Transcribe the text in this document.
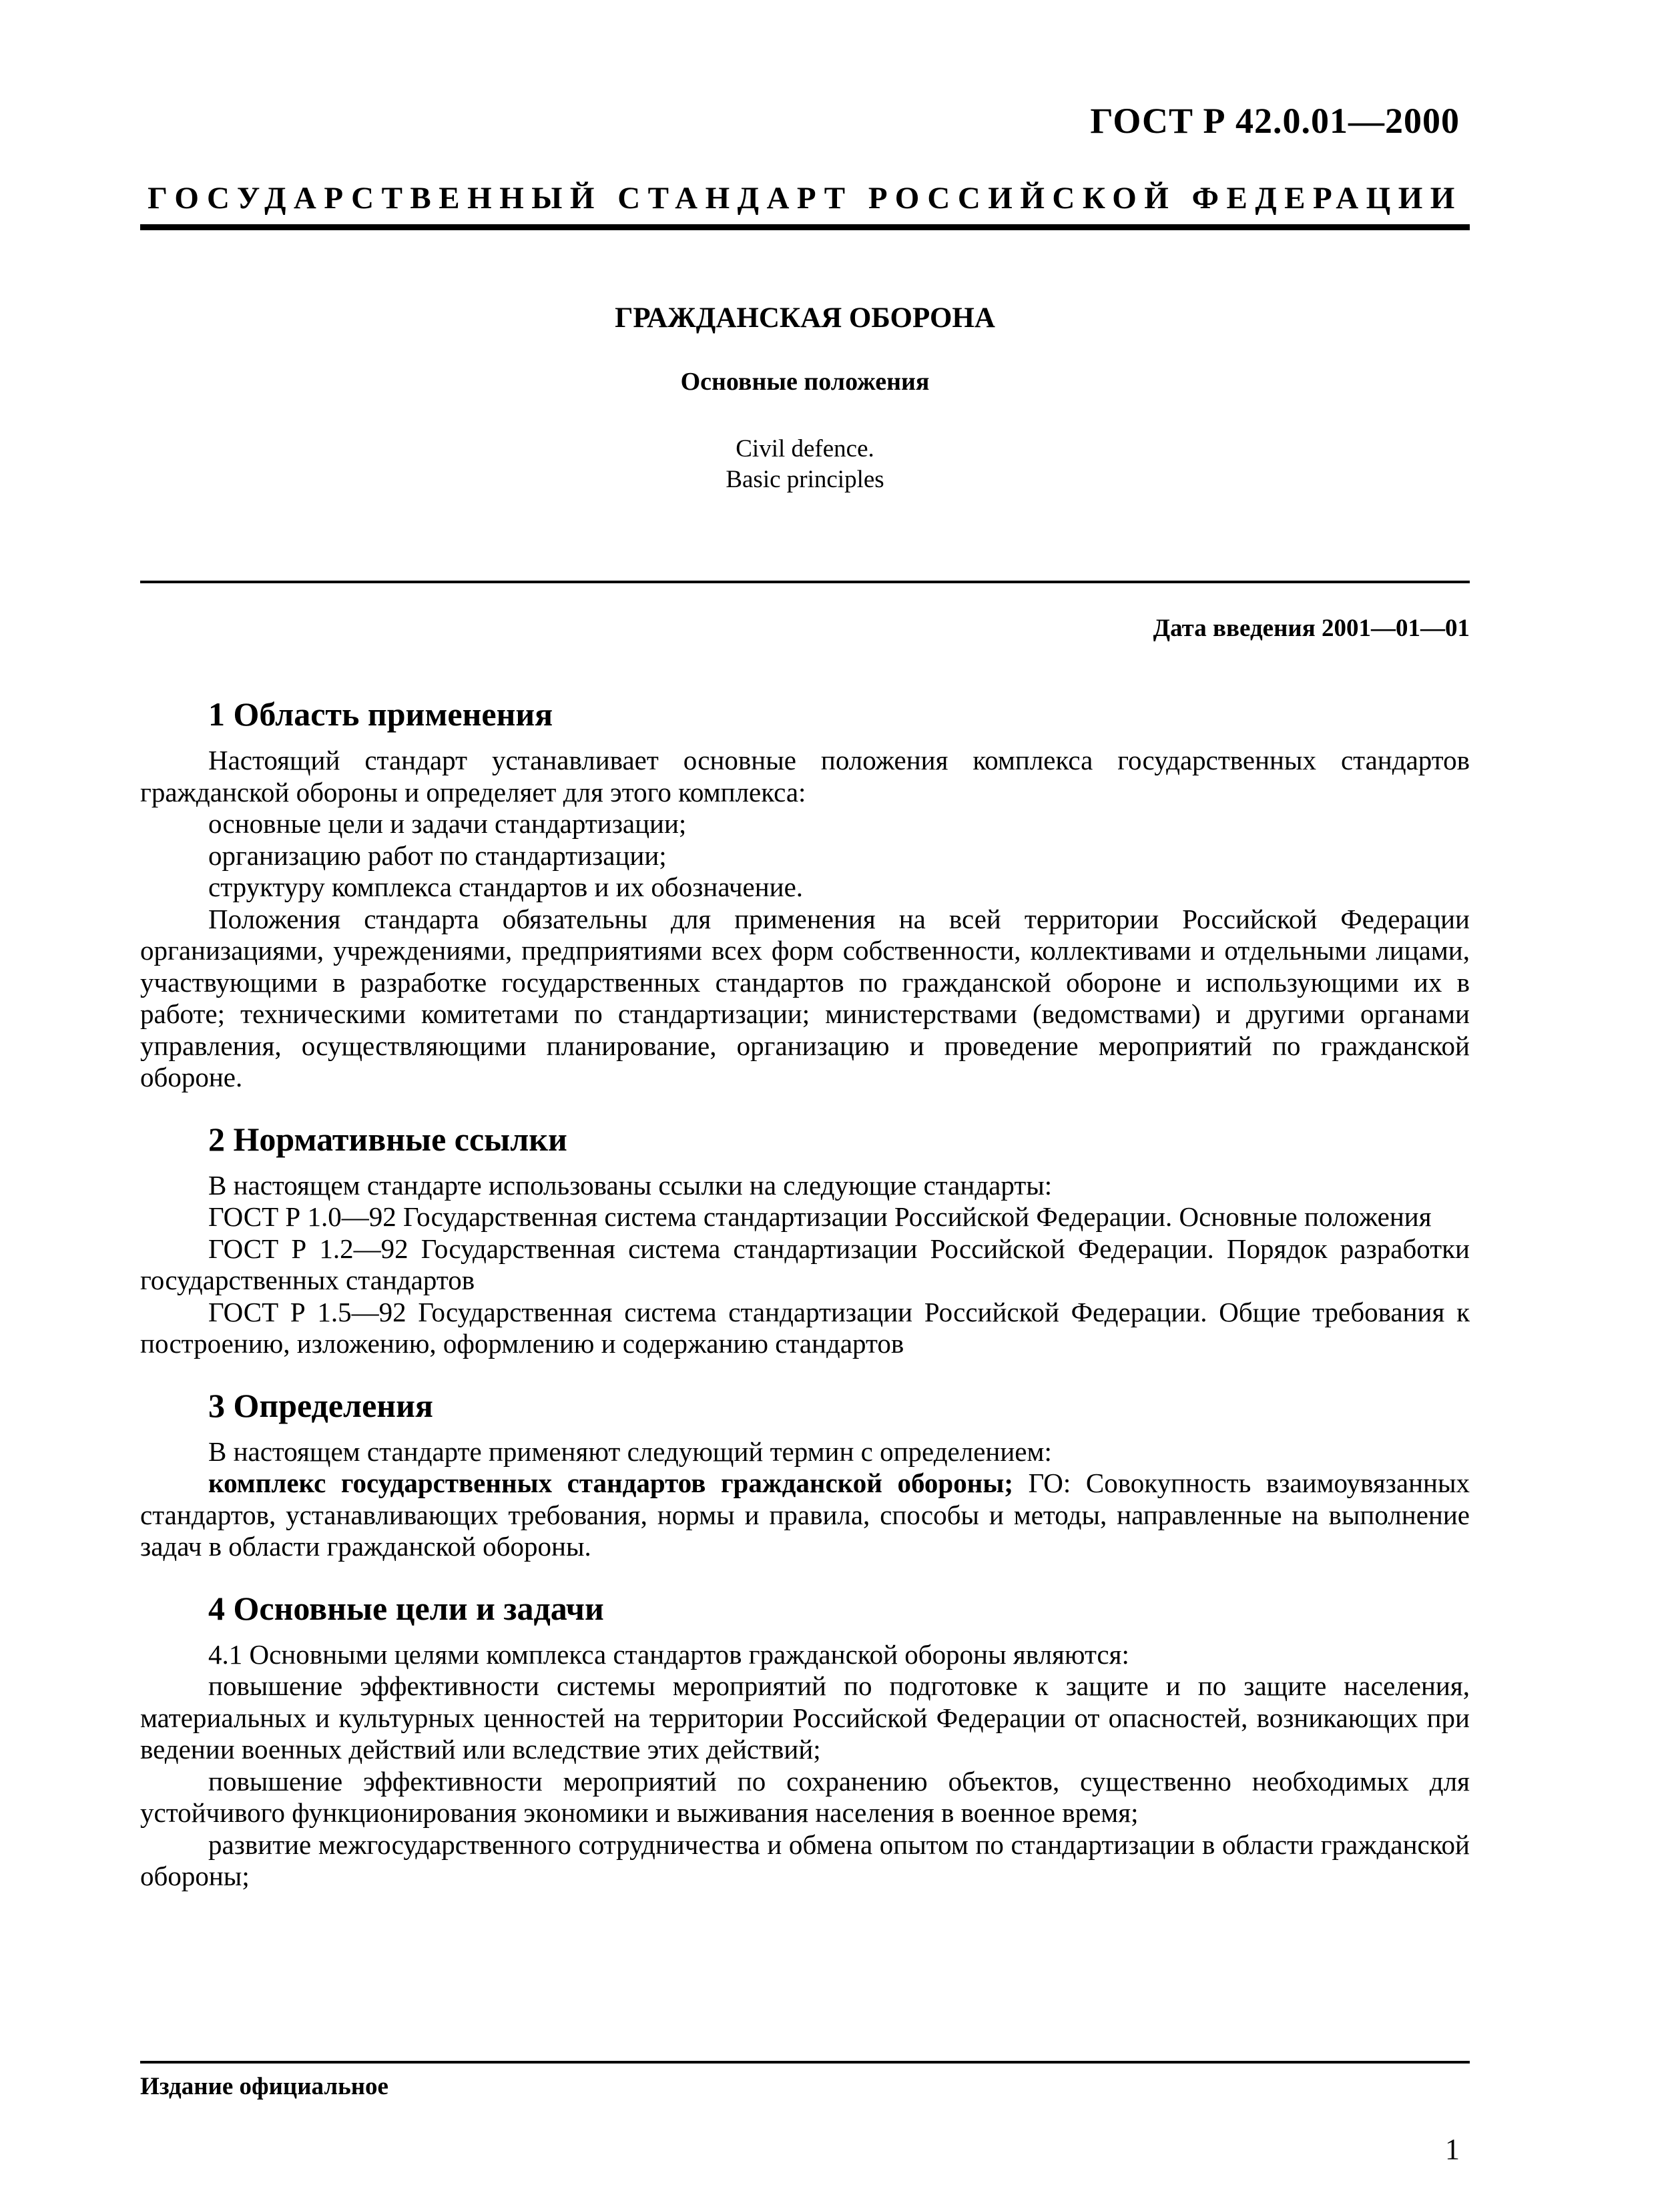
ГОСТ Р 42.0.01—2000
ГОСУДАРСТВЕННЫЙ СТАНДАРТ РОССИЙСКОЙ ФЕДЕРАЦИИ
ГРАЖДАНСКАЯ ОБОРОНА
Основные положения
Civil defence.
Basic principles
Дата введения 2001—01—01
1 Область применения

Настоящий стандарт устанавливает основные положения комплекса государственных стандартов гражданской обороны и определяет для этого комплекса:

основные цели и задачи стандартизации;

организацию работ по стандартизации;

структуру комплекса стандартов и их обозначение.

Положения стандарта обязательны для применения на всей территории Российской Федерации организациями, учреждениями, предприятиями всех форм собственности, коллективами и отдельными лицами, участвующими в разработке государственных стандартов по гражданской обороне и использующими их в работе; техническими комитетами по стандартизации; министерствами (ведомствами) и другими органами управления, осуществляющими планирование, организацию и проведение мероприятий по гражданской обороне.

2 Нормативные ссылки

В настоящем стандарте использованы ссылки на следующие стандарты:

ГОСТ Р 1.0—92 Государственная система стандартизации Российской Федерации. Основные положения

ГОСТ Р 1.2—92 Государственная система стандартизации Российской Федерации. Порядок разработки государственных стандартов

ГОСТ Р 1.5—92 Государственная система стандартизации Российской Федерации. Общие требования к построению, изложению, оформлению и содержанию стандартов

3 Определения

В настоящем стандарте применяют следующий термин с определением:

комплекс государственных стандартов гражданской обороны; ГО: Совокупность взаимоувязанных стандартов, устанавливающих требования, нормы и правила, способы и методы, направленные на выполнение задач в области гражданской обороны.

4 Основные цели и задачи

4.1 Основными целями комплекса стандартов гражданской обороны являются:

повышение эффективности системы мероприятий по подготовке к защите и по защите населения, материальных и культурных ценностей на территории Российской Федерации от опасностей, возникающих при ведении военных действий или вследствие этих действий;

повышение эффективности мероприятий по сохранению объектов, существенно необходимых для устойчивого функционирования экономики и выживания населения в военное время;

развитие межгосударственного сотрудничества и обмена опытом по стандартизации в области гражданской обороны;

Издание официальное
1
